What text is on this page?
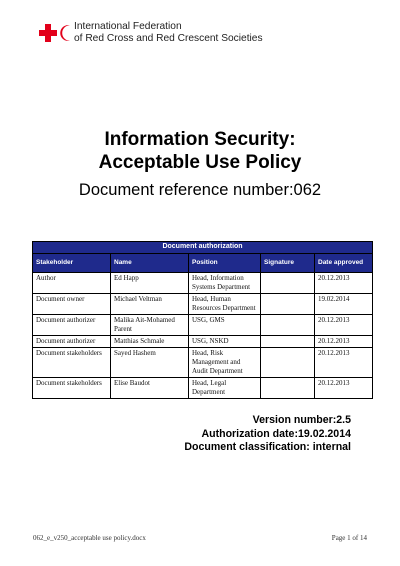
International Federation
of Red Cross and Red Crescent Societies
Information Security:
Acceptable Use Policy
Document reference number:062
Document authorization				
Stakeholder	Name	Position	Signature	Date approved
Author	Ed Happ	Head, Information Systems Department		20.12.2013
Document owner	Michael Veltman	Head, Human Resources Department		19.02.2014
Document authorizer	Malika Ait-Mohamed Parent	USG, GMS		20.12.2013
Document authorizer	Matthias Schmale	USG, NSKD		20.12.2013
Document stakeholders	Sayed Hashem	Head, Risk Management and Audit Department		20.12.2013
Document stakeholders	Elise Baudot	Head, Legal Department		20.12.2013
Version number:2.5
Authorization date:19.02.2014
Document classification: internal
062_e_v250_acceptable use policy.docx	Page 1 of 14
